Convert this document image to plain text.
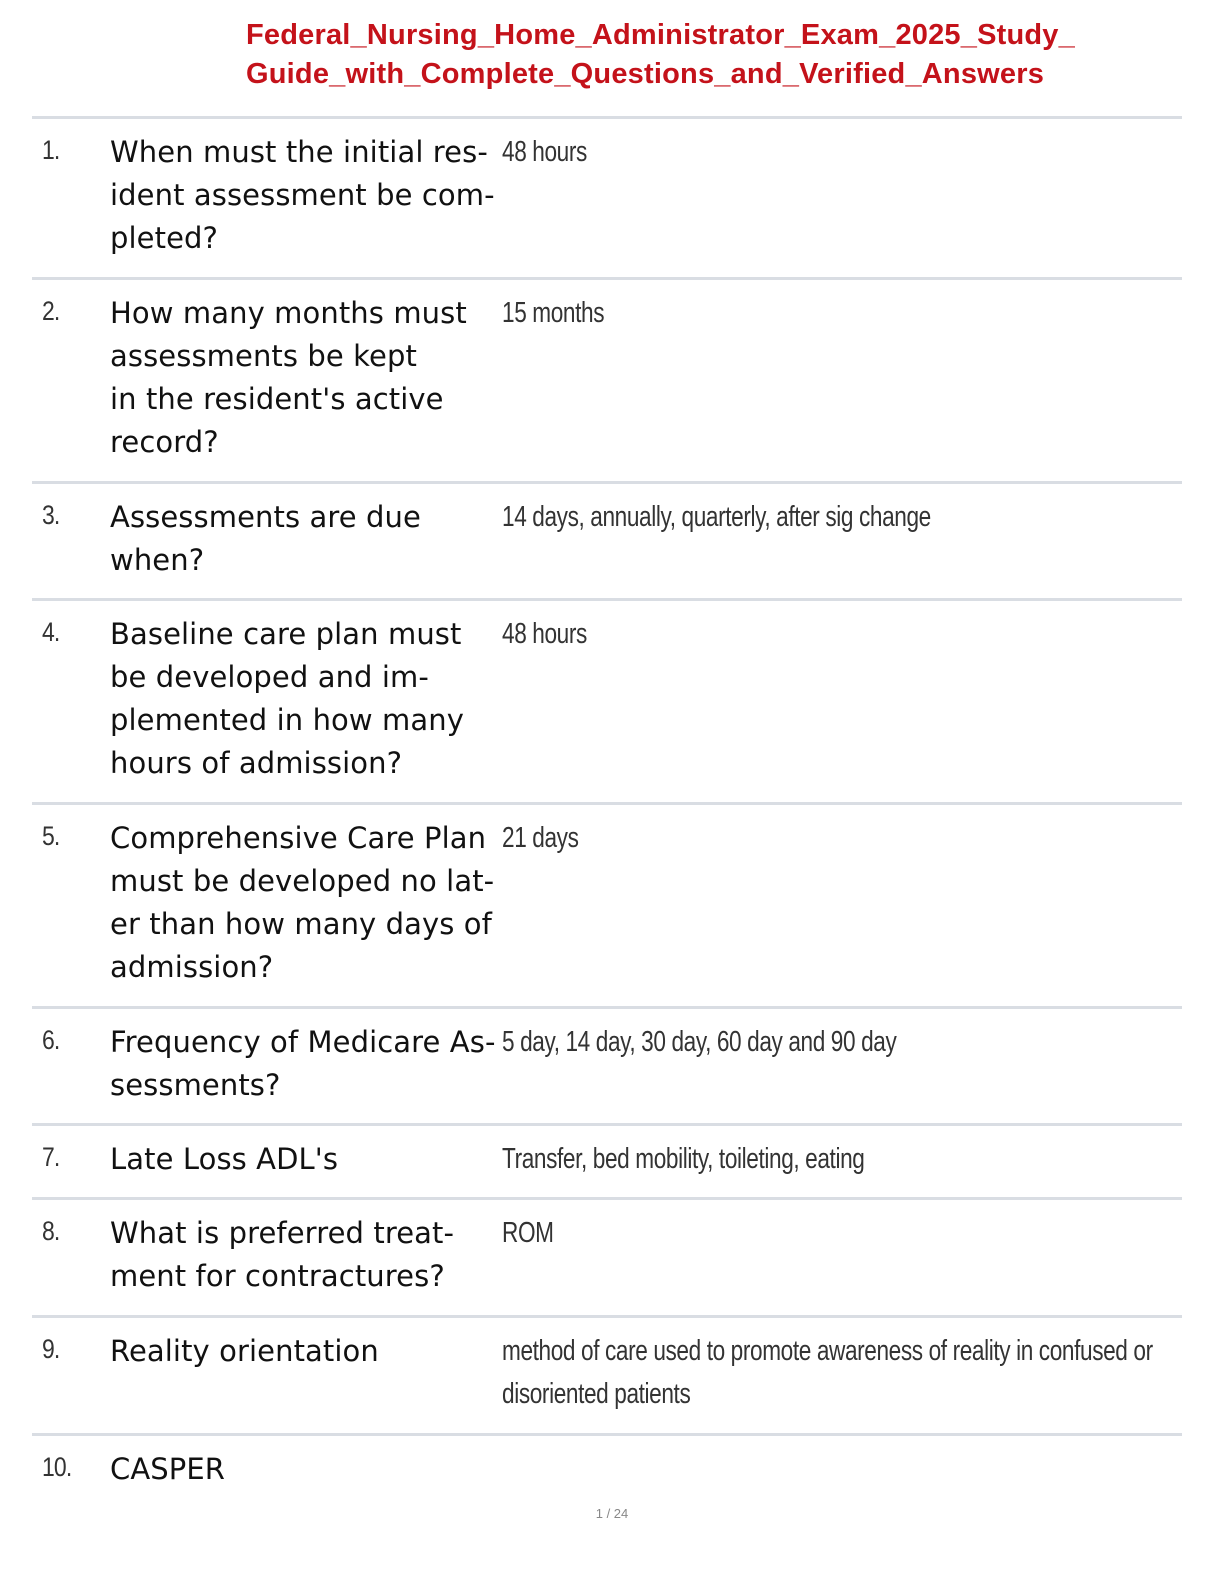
Federal_Nursing_Home_Administrator_Exam_2025_Study_
Guide_with_Complete_Questions_and_Verified_Answers
1. When must the initial res-
ident assessment be com-
pleted?
48 hours
2. How many months must
assessments be kept
in the resident's active
record?
15 months
3. Assessments are due
when?
14 days, annually, quarterly, after sig change
4. Baseline care plan must
be developed and im-
plemented in how many
hours of admission?
48 hours
5. Comprehensive Care Plan
must be developed no lat-
er than how many days of
admission?
21 days
6. Frequency of Medicare As-
sessments?
5 day, 14 day, 30 day, 60 day and 90 day
7. Late Loss ADL's	Transfer, bed mobility, toileting, eating
8. What is preferred treat-
ment for contractures?
ROM
9. Reality orientation	method of care used to promote awareness of reality in confused or disoriented patients
10. CASPER
1 / 24
